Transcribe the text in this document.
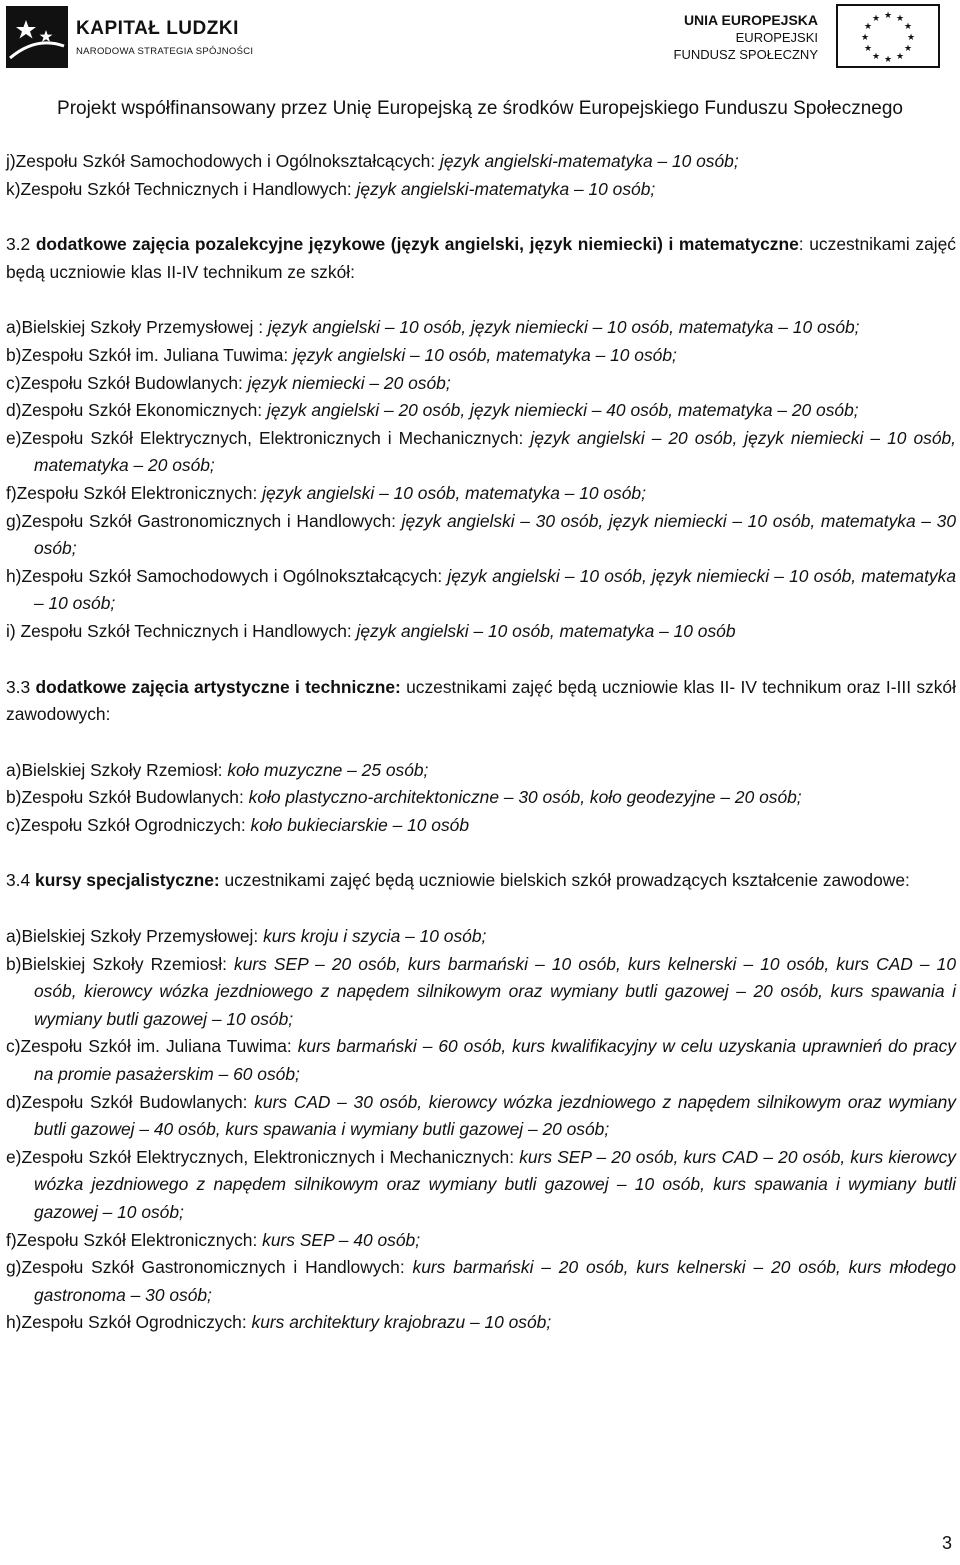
KAPITAŁ LUDZKI
NARODOWA STRATEGIA SPÓJNOŚCI
UNIA EUROPEJSKA
EUROPEJSKI
FUNDUSZ SPOŁECZNY
★ ★
★
★
★
★
★
★
★
★
★
★
Projekt współfinansowany przez Unię Europejską ze środków Europejskiego Funduszu Społecznego

j)Zespołu Szkół Samochodowych i Ogólnokształcących: język angielski-matematyka – 10 osób;

k)Zespołu Szkół Technicznych i Handlowych: język angielski-matematyka – 10 osób;

3.2 dodatkowe zajęcia pozalekcyjne językowe (język angielski, język niemiecki) i matematyczne: uczestnikami zajęć będą uczniowie klas II-IV technikum ze szkół:

a)Bielskiej Szkoły Przemysłowej : język angielski – 10 osób, język niemiecki – 10 osób, matematyka – 10 osób;

b)Zespołu Szkół im. Juliana Tuwima: język angielski – 10 osób, matematyka – 10 osób;

c)Zespołu Szkół Budowlanych: język niemiecki – 20 osób;

d)Zespołu Szkół Ekonomicznych: język angielski – 20 osób, język niemiecki – 40 osób, matematyka – 20 osób;

e)Zespołu Szkół Elektrycznych, Elektronicznych i Mechanicznych: język angielski – 20 osób, język niemiecki – 10 osób, matematyka – 20 osób;

f)Zespołu Szkół Elektronicznych: język angielski – 10 osób, matematyka – 10 osób;

g)Zespołu Szkół Gastronomicznych i Handlowych: język angielski – 30 osób, język niemiecki – 10 osób, matematyka – 30 osób;

h)Zespołu Szkół Samochodowych i Ogólnokształcących: język angielski – 10 osób, język niemiecki – 10 osób, matematyka – 10 osób;

i) Zespołu Szkół Technicznych i Handlowych: język angielski – 10 osób, matematyka – 10 osób

3.3 dodatkowe zajęcia artystyczne i techniczne: uczestnikami zajęć będą uczniowie klas II- IV technikum oraz I-III szkół zawodowych:

a)Bielskiej Szkoły Rzemiosł: koło muzyczne – 25 osób;

b)Zespołu Szkół Budowlanych: koło plastyczno-architektoniczne – 30 osób, koło geodezyjne – 20 osób;

c)Zespołu Szkół Ogrodniczych: koło bukieciarskie – 10 osób

3.4 kursy specjalistyczne: uczestnikami zajęć będą uczniowie bielskich szkół prowadzących kształcenie zawodowe:

a)Bielskiej Szkoły Przemysłowej: kurs kroju i szycia – 10 osób;

b)Bielskiej Szkoły Rzemiosł: kurs SEP – 20 osób, kurs barmański – 10 osób, kurs kelnerski – 10 osób, kurs CAD – 10 osób, kierowcy wózka jezdniowego z napędem silnikowym oraz wymiany butli gazowej – 20 osób, kurs spawania i wymiany butli gazowej – 10 osób;

c)Zespołu Szkół im. Juliana Tuwima: kurs barmański – 60 osób, kurs kwalifikacyjny w celu uzyskania uprawnień do pracy na promie pasażerskim – 60 osób;

d)Zespołu Szkół Budowlanych: kurs CAD – 30 osób, kierowcy wózka jezdniowego z napędem silnikowym oraz wymiany butli gazowej – 40 osób, kurs spawania i wymiany butli gazowej – 20 osób;

e)Zespołu Szkół Elektrycznych, Elektronicznych i Mechanicznych: kurs SEP – 20 osób, kurs CAD – 20 osób, kurs kierowcy wózka jezdniowego z napędem silnikowym oraz wymiany butli gazowej – 10 osób, kurs spawania i wymiany butli gazowej – 10 osób;

f)Zespołu Szkół Elektronicznych: kurs SEP – 40 osób;

g)Zespołu Szkół Gastronomicznych i Handlowych: kurs barmański – 20 osób, kurs kelnerski – 20 osób, kurs młodego gastronoma – 30 osób;

h)Zespołu Szkół Ogrodniczych: kurs architektury krajobrazu – 10 osób;

3
